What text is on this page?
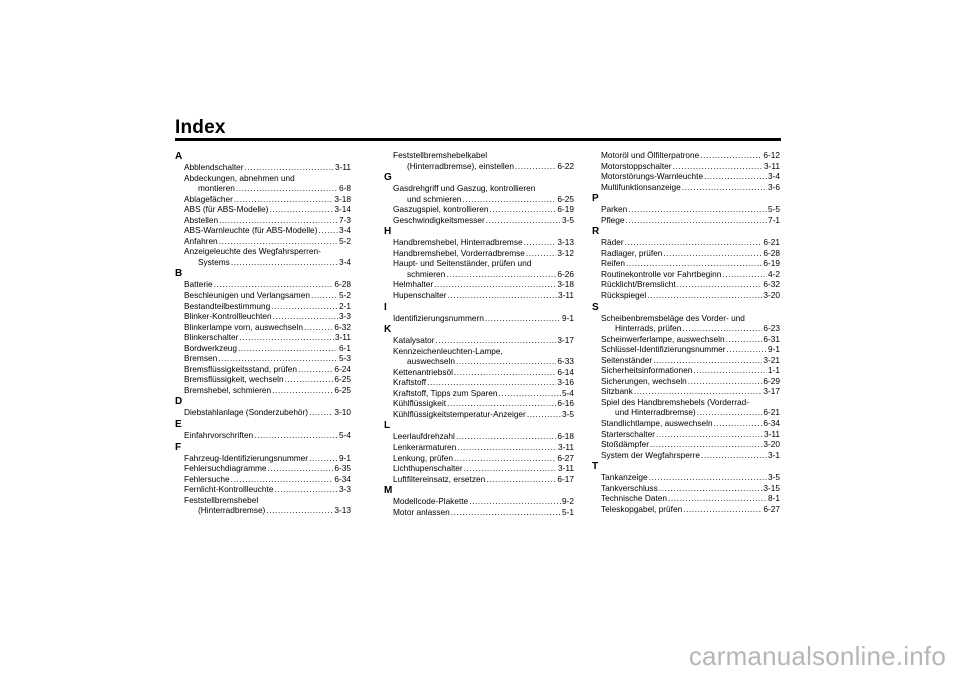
Index
A
Abblendschalter .....	3-11
Abdeckungen, abnehmen und
montieren .....	6-8
Ablagefächer .....	3-18
ABS (für ABS-Modelle) .....	3-14
Abstellen .....	7-3
ABS-Warnleuchte (für ABS-Modelle) .....	3-4
Anfahren .....	5-2
Anzeigeleuchte des Wegfahrsperren-
Systems .....	3-4
B
Batterie .....	6-28
Beschleunigen und Verlangsamen .....	5-2
Bestandteilbestimmung .....	2-1
Blinker-Kontrollleuchten .....	3-3
Blinkerlampe vorn, auswechseln .....	6-32
Blinkerschalter .....	3-11
Bordwerkzeug .....	6-1
Bremsen .....	5-3
Bremsflüssigkeitsstand, prüfen .....	6-24
Bremsflüssigkeit, wechseln .....	6-25
Bremshebel, schmieren .....	6-25
D
Diebstahlanlage (Sonderzubehör) .....	3-10
E
Einfahrvorschriften .....	5-4
F
Fahrzeug-Identifizierungsnummer .....	9-1
Fehlersuchdiagramme .....	6-35
Fehlersuche .....	6-34
Fernlicht-Kontrollleuchte .....	3-3
Feststellbremshebel
(Hinterradbremse) .....	3-13
Feststellbremshebelkabel
(Hinterradbremse), einstellen .....	6-22
G
Gasdrehgriff und Gaszug, kontrollieren
und schmieren .....	6-25
Gaszugspiel, kontrollieren .....	6-19
Geschwindigkeitsmesser .....	3-5
H
Handbremshebel, Hinterradbremse .....	3-13
Handbremshebel, Vorderradbremse .....	3-12
Haupt- und Seitenständer, prüfen und
schmieren .....	6-26
Helmhalter .....	3-18
Hupenschalter .....	3-11
I
Identifizierungsnummern .....	9-1
K
Katalysator .....	3-17
Kennzeichenleuchten-Lampe,
auswechseln .....	6-33
Kettenantriebsöl .....	6-14
Kraftstoff .....	3-16
Kraftstoff, Tipps zum Sparen .....	5-4
Kühlflüssigkeit .....	6-16
Kühlflüssigkeitstemperatur-Anzeiger .....	3-5
L
Leerlaufdrehzahl .....	6-18
Lenkerarmaturen .....	3-11
Lenkung, prüfen .....	6-27
Lichthupenschalter .....	3-11
Luftfiltereinsatz, ersetzen .....	6-17
M
Modellcode-Plakette .....	9-2
Motor anlassen .....	5-1
Motoröl und Ölfilterpatrone .....	6-12
Motorstoppschalter .....	3-11
Motorstörungs-Warnleuchte .....	3-4
Multifunktionsanzeige .....	3-6
P
Parken .....	5-5
Pflege .....	7-1
R
Räder .....	6-21
Radlager, prüfen .....	6-28
Reifen .....	6-19
Routinekontrolle vor Fahrtbeginn .....	4-2
Rücklicht/Bremslicht .....	6-32
Rückspiegel .....	3-20
S
Scheibenbremsbeläge des Vorder- und
Hinterrads, prüfen .....	6-23
Scheinwerferlampe, auswechseln .....	6-31
Schlüssel-Identifizierungsnummer .....	9-1
Seitenständer .....	3-21
Sicherheitsinformationen .....	1-1
Sicherungen, wechseln .....	6-29
Sitzbank .....	3-17
Spiel des Handbremshebels (Vorderrad-
und Hinterradbremse) .....	6-21
Standlichtlampe, auswechseln .....	6-34
Starterschalter .....	3-11
Stoßdämpfer .....	3-20
System der Wegfahrsperre .....	3-1
T
Tankanzeige .....	3-5
Tankverschluss .....	3-15
Technische Daten .....	8-1
Teleskopgabel, prüfen .....	6-27
carmanualsonline.info
